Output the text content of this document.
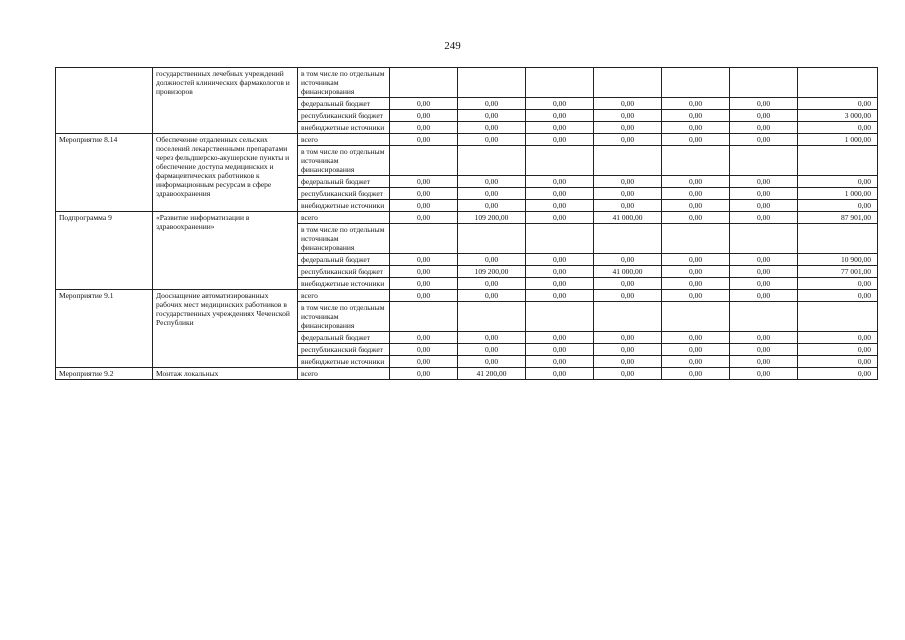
249
	государственных лечебных учреждений должностей клинических фармакологов и провизоров	в том числе по отдельным источникам финансирования							
		федеральный бюджет	0,00	0,00	0,00	0,00	0,00	0,00	0,00
		республиканский бюджет	0,00	0,00	0,00	0,00	0,00	0,00	3 000,00
		внебюджетные источники	0,00	0,00	0,00	0,00	0,00	0,00	0,00
Мероприятие 8.14	Обеспечение отдаленных сельских поселений лекарственными препаратами через фельдшерско-акушерские пункты и обеспечение доступа медицинских и фармацевтических работников к информационным ресурсам в сфере здравоохранения	всего	0,00	0,00	0,00	0,00	0,00	0,00	1 000,00
		в том числе по отдельным источникам финансирования							
		федеральный бюджет	0,00	0,00	0,00	0,00	0,00	0,00	0,00
		республиканский бюджет	0,00	0,00	0,00	0,00	0,00	0,00	1 000,00
		внебюджетные источники	0,00	0,00	0,00	0,00	0,00	0,00	0,00
Подпрограмма 9	«Развитие информатизации в здравоохранении»	всего	0,00	109 200,00	0,00	41 000,00	0,00	0,00	87 901,00
		в том числе по отдельным источникам финансирования							
		федеральный бюджет	0,00	0,00	0,00	0,00	0,00	0,00	10 900,00
		республиканский бюджет	0,00	109 200,00	0,00	41 000,00	0,00	0,00	77 001,00
		внебюджетные источники	0,00	0,00	0,00	0,00	0,00	0,00	0,00
Мероприятие 9.1	Дооснащение автоматизированных рабочих мест медицинских работников в государственных учреждениях Чеченской Республики	всего	0,00	0,00	0,00	0,00	0,00	0,00	0,00
		в том числе по отдельным источникам финансирования							
		федеральный бюджет	0,00	0,00	0,00	0,00	0,00	0,00	0,00
		республиканский бюджет	0,00	0,00	0,00	0,00	0,00	0,00	0,00
		внебюджетные источники	0,00	0,00	0,00	0,00	0,00	0,00	0,00
Мероприятие 9.2	Монтаж локальных	всего	0,00	41 200,00	0,00	0,00	0,00	0,00	0,00
